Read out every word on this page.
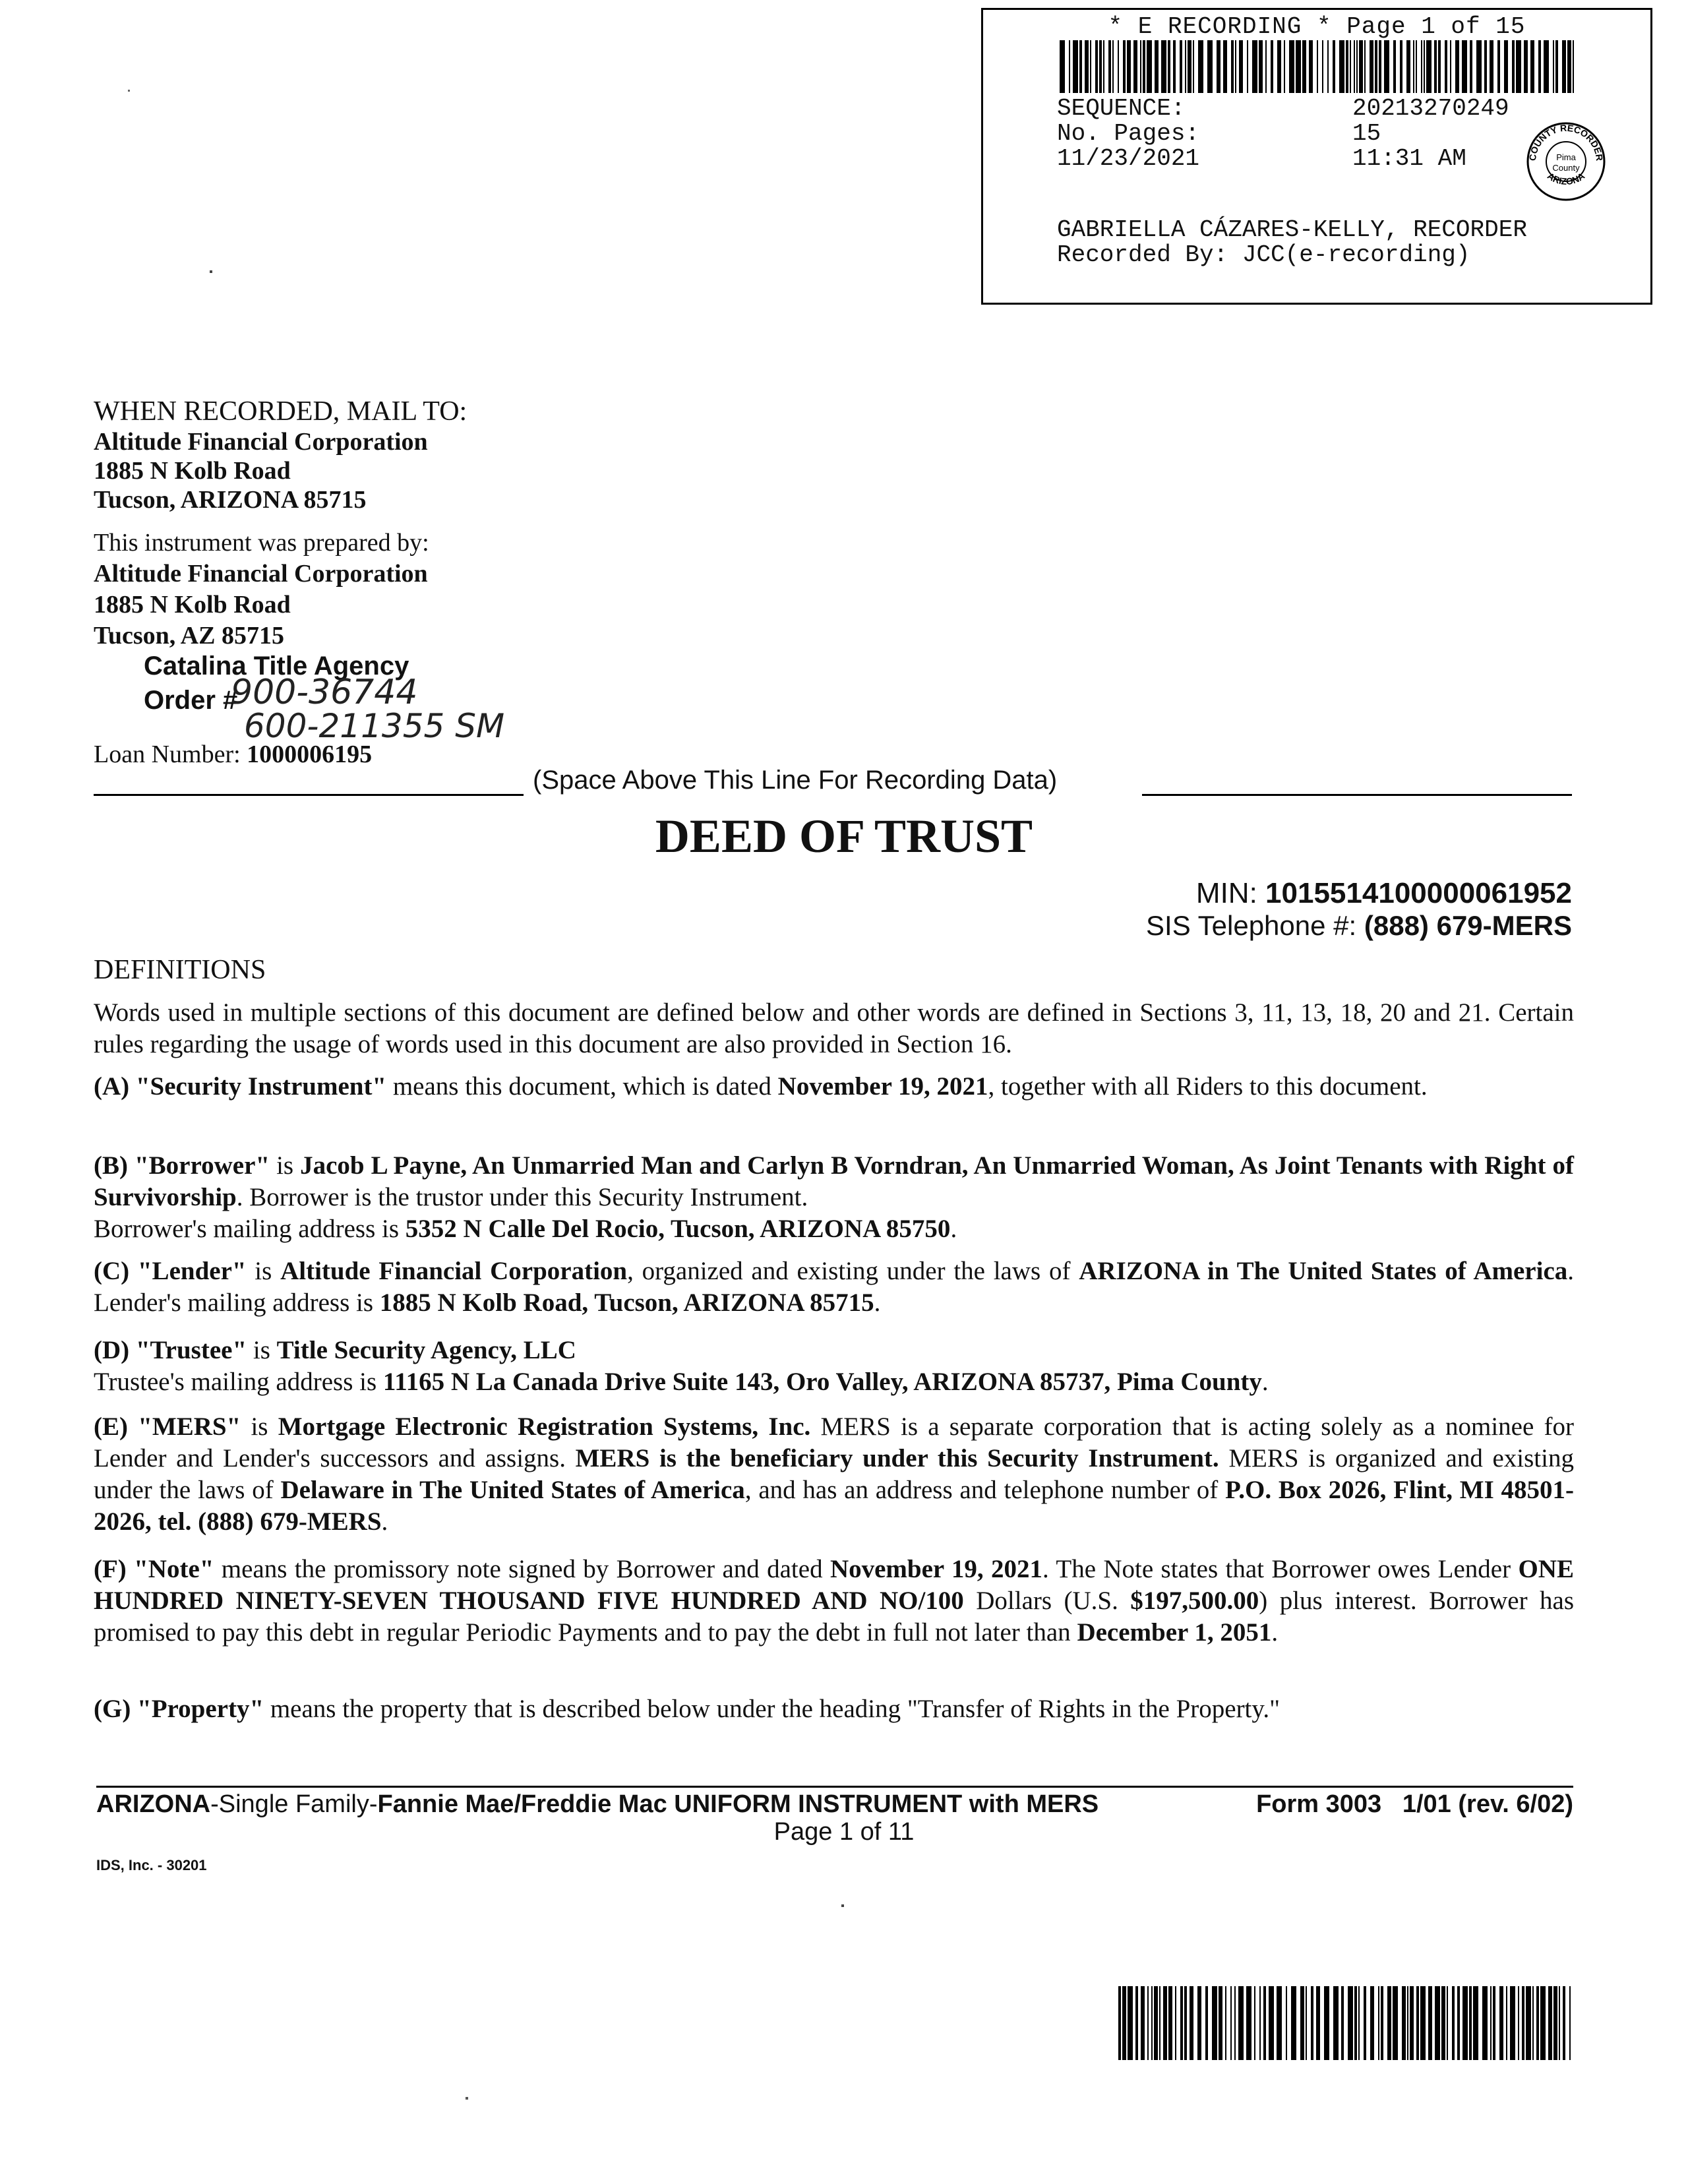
* E RECORDING * Page 1 of 15
SEQUENCE:	20213270249
No. Pages:	15
11/23/2021	11:31 AM	COUNTY RECORDER
ARIZONA
Pima
County
GABRIELLA CÁZARES-KELLY, RECORDER
Recorded By: JCC(e-recording)
WHEN RECORDED, MAIL TO:
Altitude Financial Corporation
1885 N Kolb Road
Tucson, ARIZONA 85715
This instrument was prepared by:
Altitude Financial Corporation
1885 N Kolb Road
Tucson, AZ 85715
Catalina Title Agency
Order #
900-36744
600-211355 SM
Loan Number: 1000006195
(Space Above This Line For Recording Data)
DEED OF TRUST
MIN: 1015514100000061952
SIS Telephone #: (888) 679-MERS
DEFINITIONS
Words used in multiple sections of this document are defined below and other words are defined in Sections 3, 11, 13, 18, 20 and 21. Certain rules regarding the usage of words used in this document are also provided in Section 16.
(A) "Security Instrument" means this document, which is dated November 19, 2021, together with all Riders to this document.
(B) "Borrower" is Jacob L Payne, An Unmarried Man and Carlyn B Vorndran, An Unmarried Woman, As Joint Tenants with Right of Survivorship. Borrower is the trustor under this Security Instrument.
Borrower's mailing address is 5352 N Calle Del Rocio, Tucson, ARIZONA 85750.
(C) "Lender" is Altitude Financial Corporation, organized and existing under the laws of ARIZONA in The United States of America. Lender's mailing address is 1885 N Kolb Road, Tucson, ARIZONA 85715.
(D) "Trustee" is Title Security Agency, LLC
Trustee's mailing address is 11165 N La Canada Drive Suite 143, Oro Valley, ARIZONA 85737, Pima County.
(E) "MERS" is Mortgage Electronic Registration Systems, Inc. MERS is a separate corporation that is acting solely as a nominee for Lender and Lender's successors and assigns. MERS is the beneficiary under this Security Instrument. MERS is organized and existing under the laws of Delaware in The United States of America, and has an address and telephone number of P.O. Box 2026, Flint, MI 48501-2026, tel. (888) 679-MERS.
(F) "Note" means the promissory note signed by Borrower and dated November 19, 2021. The Note states that Borrower owes Lender ONE HUNDRED NINETY-SEVEN THOUSAND FIVE HUNDRED AND NO/100 Dollars (U.S. $197,500.00) plus interest. Borrower has promised to pay this debt in regular Periodic Payments and to pay the debt in full not later than December 1, 2051.
(G) "Property" means the property that is described below under the heading "Transfer of Rights in the Property."
ARIZONA-Single Family-Fannie Mae/Freddie Mac UNIFORM INSTRUMENT with MERS	Form 3003   1/01 (rev. 6/02)
Page 1 of 11
IDS, Inc. - 30201
